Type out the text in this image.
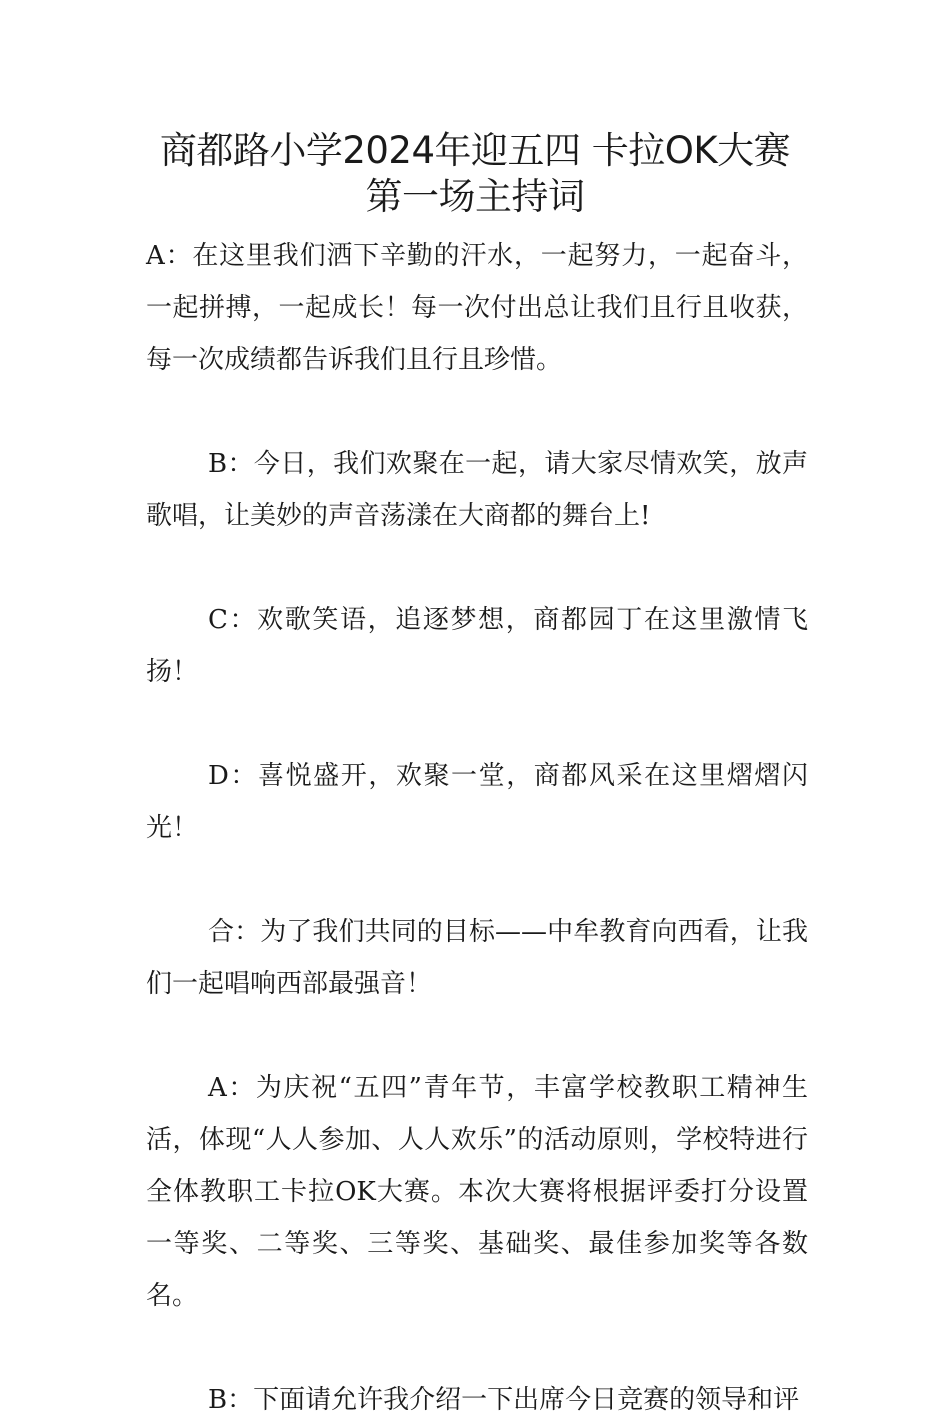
商都路小学2024年迎五四 卡拉OK大赛
第一场主持词

A：在这里我们洒下辛勤的汗水，一起努力，一起奋斗，一起拼搏，一起成长！每一次付出总让我们且行且收获，每一次成绩都告诉我们且行且珍惜。

B：今日，我们欢聚在一起，请大家尽情欢笑，放声歌唱，让美妙的声音荡漾在大商都的舞台上!

C：欢歌笑语，追逐梦想，商都园丁在这里激情飞扬！

D：喜悦盛开，欢聚一堂，商都风采在这里熠熠闪光！

合：为了我们共同的目标——中牟教育向西看，让我们一起唱响西部最强音！

A：为庆祝“五四”青年节，丰富学校教职工精神生活，体现“人人参加、人人欢乐”的活动原则，学校特进行全体教职工卡拉OK大赛。本次大赛将根据评委打分设置一等奖、二等奖、三等奖、基础奖、最佳参加奖等各数名。

B：下面请允许我介绍一下出席今日竞赛的领导和评
